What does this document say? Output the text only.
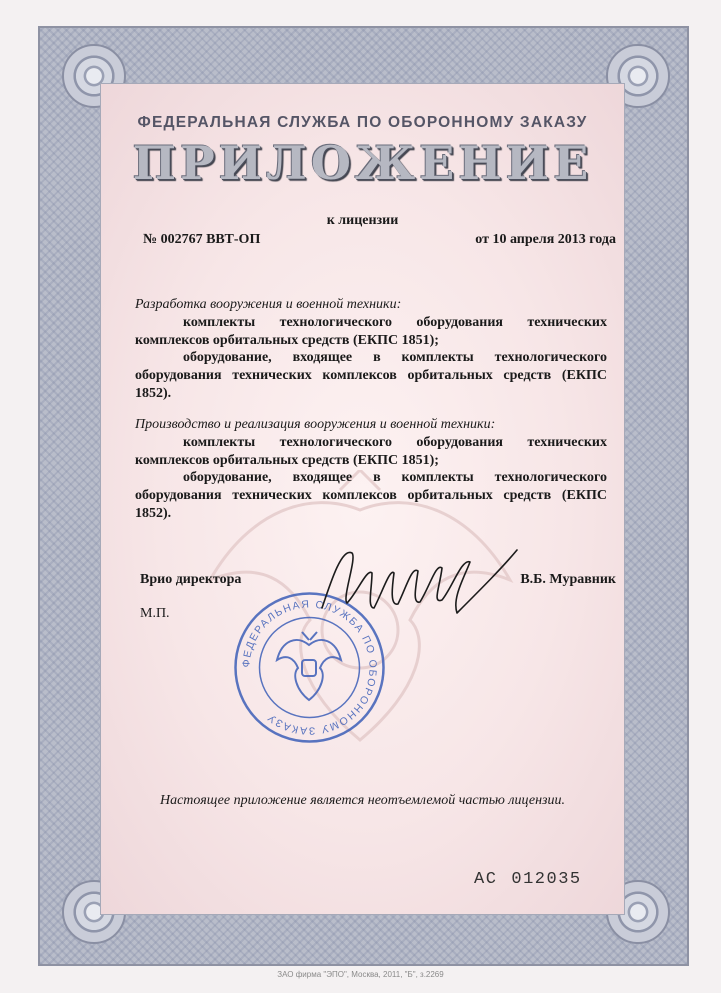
ФЕДЕРАЛЬНАЯ СЛУЖБА ПО ОБОРОННОМУ ЗАКАЗУ
ПРИЛОЖЕНИЕ
к лицензии
№ 002767 ВВТ-ОП	от 10 апреля 2013 года
Разработка вооружения и военной техники:
комплекты технологического оборудования технических комплексов орбитальных средств (ЕКПС 1851);
оборудование, входящее в комплекты технологического оборудования технических комплексов орбитальных средств (ЕКПС 1852).
Производство и реализация вооружения и военной техники:
комплекты технологического оборудования технических комплексов орбитальных средств (ЕКПС 1851);
оборудование, входящее в комплекты технологического оборудования технических комплексов орбитальных средств (ЕКПС 1852).
ФЕДЕРАЛЬНАЯ СЛУЖБА ПО ОБОРОННОМУ ЗАКАЗУ
Врио директора	В.Б. Муравник
М.П.
Настоящее приложение является неотъемлемой частью лицензии.
АС 012035
ЗАО фирма "ЭПО", Москва, 2011, "Б", з.2269
